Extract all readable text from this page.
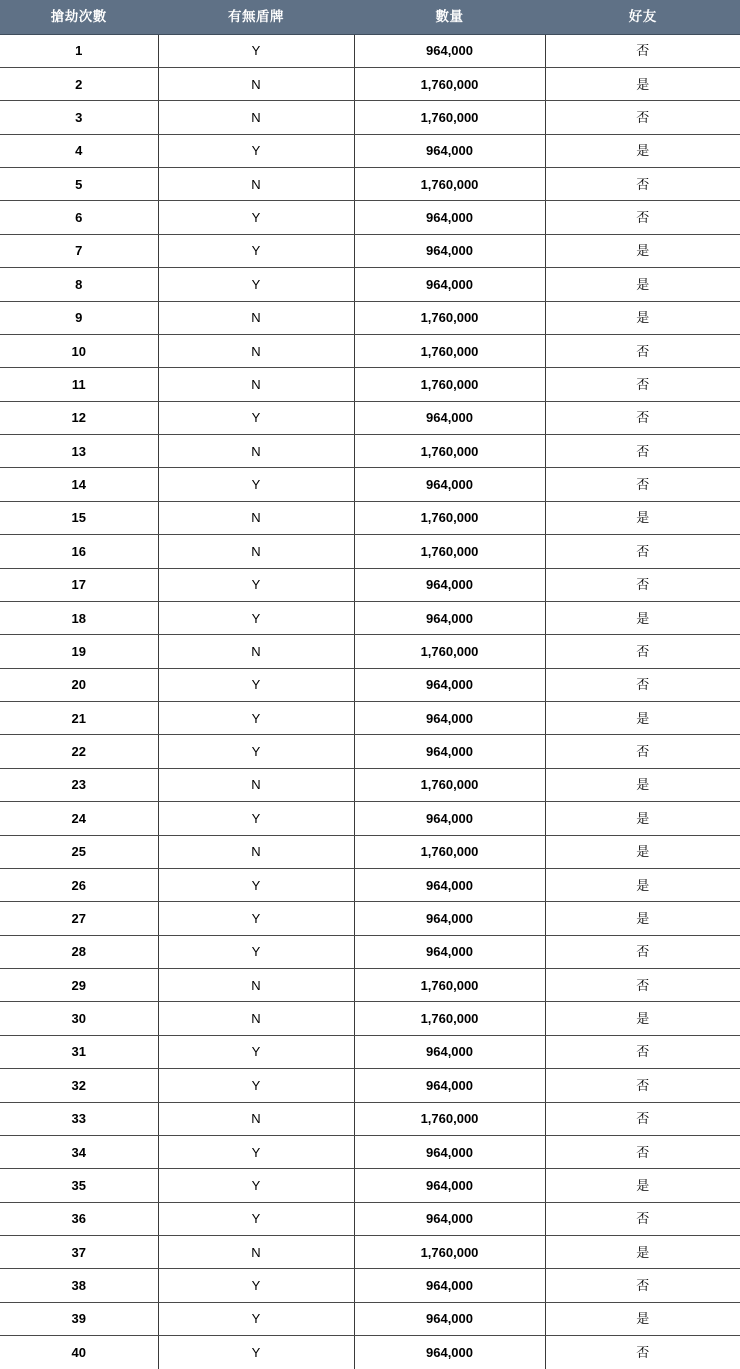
搶劫次數	有無盾牌	數量	好友
1	Y	964,000	否
2	N	1,760,000	是
3	N	1,760,000	否
4	Y	964,000	是
5	N	1,760,000	否
6	Y	964,000	否
7	Y	964,000	是
8	Y	964,000	是
9	N	1,760,000	是
10	N	1,760,000	否
11	N	1,760,000	否
12	Y	964,000	否
13	N	1,760,000	否
14	Y	964,000	否
15	N	1,760,000	是
16	N	1,760,000	否
17	Y	964,000	否
18	Y	964,000	是
19	N	1,760,000	否
20	Y	964,000	否
21	Y	964,000	是
22	Y	964,000	否
23	N	1,760,000	是
24	Y	964,000	是
25	N	1,760,000	是
26	Y	964,000	是
27	Y	964,000	是
28	Y	964,000	否
29	N	1,760,000	否
30	N	1,760,000	是
31	Y	964,000	否
32	Y	964,000	否
33	N	1,760,000	否
34	Y	964,000	否
35	Y	964,000	是
36	Y	964,000	否
37	N	1,760,000	是
38	Y	964,000	否
39	Y	964,000	是
40	Y	964,000	否
